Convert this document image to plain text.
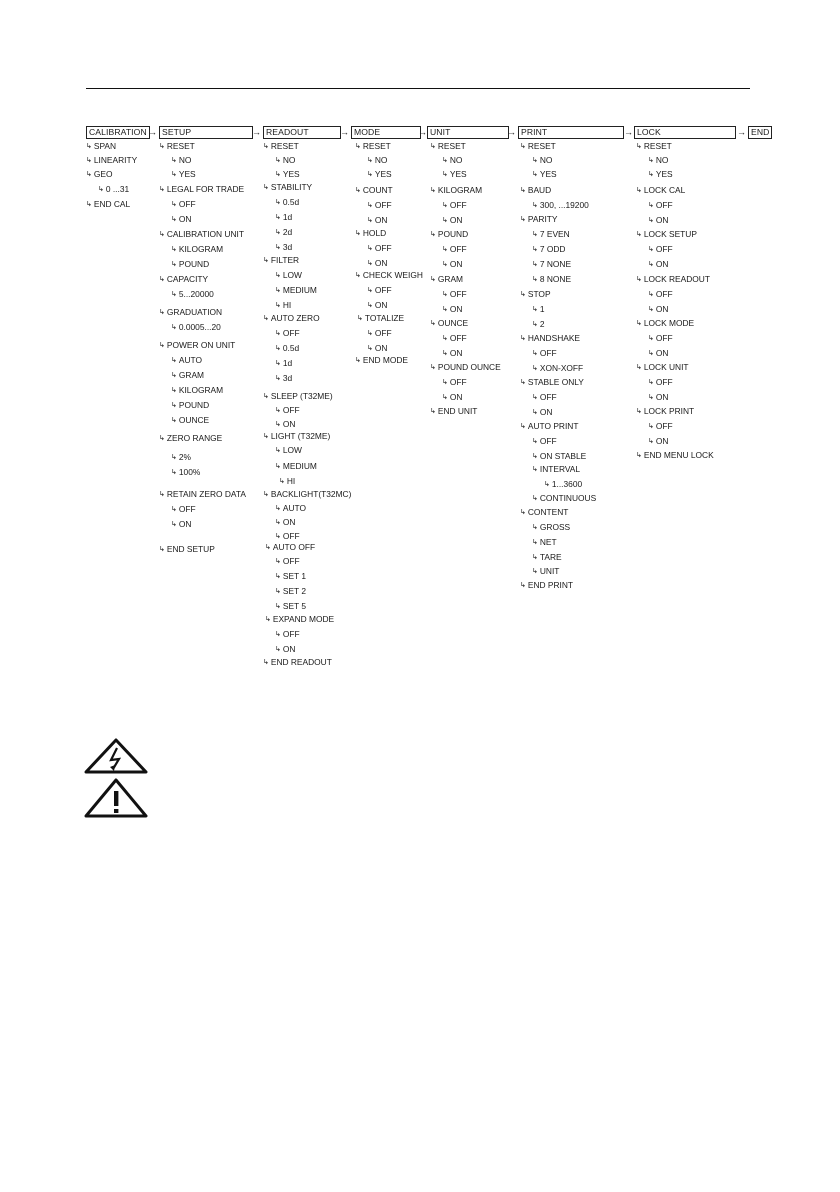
CALIBRATION → SETUP	→ READOUT	→ MODE	→ UNIT	→ PRINT	→ LOCK	→ END
↳ SPAN
↳ LINEARITY
↳ GEO
↳ 0 ...31
↳ END CAL
↳ RESET
↳ NO
↳ YES
↳ LEGAL FOR TRADE
↳ OFF
↳ ON
↳ CALIBRATION UNIT
↳ KILOGRAM
↳ POUND
↳ CAPACITY
↳ 5...20000
↳ GRADUATION
↳ 0.0005...20
↳ POWER ON UNIT
↳ AUTO
↳ GRAM
↳ KILOGRAM
↳ POUND
↳ OUNCE
↳ ZERO RANGE
↳ 2%
↳ 100%
↳ RETAIN ZERO DATA
↳ OFF
↳ ON
↳ END SETUP
↳ RESET
↳ NO
↳ YES
↳ STABILITY
↳ 0.5d
↳ 1d
↳ 2d
↳ 3d
↳ FILTER
↳ LOW
↳ MEDIUM
↳ HI
↳ AUTO ZERO
↳ OFF
↳ 0.5d
↳ 1d
↳ 3d
↳ SLEEP (T32ME)
↳ OFF
↳ ON
↳ LIGHT (T32ME)
↳ LOW
↳ MEDIUM
↳ HI
↳ BACKLIGHT(T32MC)
↳ AUTO
↳ ON
↳ OFF
↳ AUTO OFF
↳ OFF
↳ SET 1
↳ SET 2
↳ SET 5
↳ EXPAND MODE
↳ OFF
↳ ON
↳ END READOUT
↳ RESET
↳ NO
↳ YES
↳ COUNT
↳ OFF
↳ ON
↳ HOLD
↳ OFF
↳ ON
↳ CHECK WEIGH
↳ OFF
↳ ON
↳ TOTALIZE
↳ OFF
↳ ON
↳ END MODE
↳ RESET
↳ NO
↳ YES
↳ KILOGRAM
↳ OFF
↳ ON
↳ POUND
↳ OFF
↳ ON
↳ GRAM
↳ OFF
↳ ON
↳ OUNCE
↳ OFF
↳ ON
↳ POUND OUNCE
↳ OFF
↳ ON
↳ END UNIT
↳ RESET
↳ NO
↳ YES
↳ BAUD
↳ 300, ...19200
↳ PARITY
↳ 7 EVEN
↳ 7 ODD
↳ 7 NONE
↳ 8 NONE
↳ STOP
↳ 1
↳ 2
↳ HANDSHAKE
↳ OFF
↳ XON-XOFF
↳ STABLE ONLY
↳ OFF
↳ ON
↳ AUTO PRINT
↳ OFF
↳ ON STABLE
↳ INTERVAL
↳ 1...3600
↳ CONTINUOUS
↳ CONTENT
↳ GROSS
↳ NET
↳ TARE
↳ UNIT
↳ END PRINT
↳ RESET
↳ NO
↳ YES
↳ LOCK CAL
↳ OFF
↳ ON
↳ LOCK SETUP
↳ OFF
↳ ON
↳ LOCK READOUT
↳ OFF
↳ ON
↳ LOCK MODE
↳ OFF
↳ ON
↳ LOCK UNIT
↳ OFF
↳ ON
↳ LOCK PRINT
↳ OFF
↳ ON
↳ END MENU LOCK
